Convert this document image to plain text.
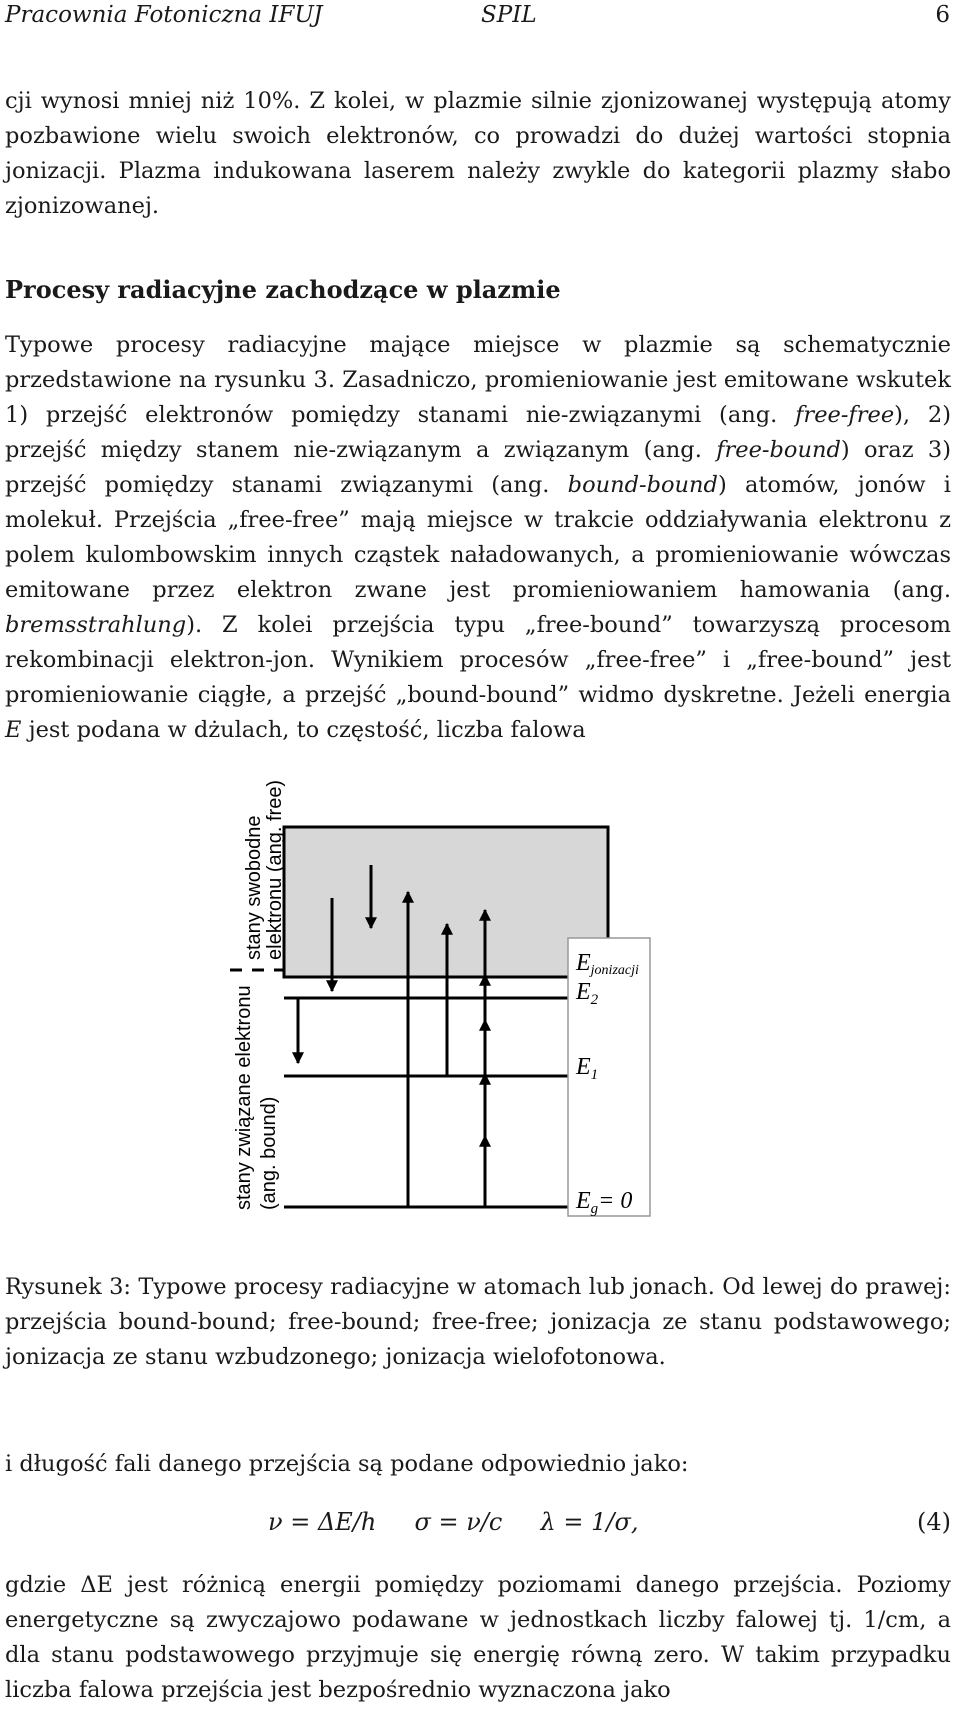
Pracownia Fotoniczna IFUJ	SPIL	6

cji wynosi mniej niż 10%. Z kolei, w plazmie silnie zjonizowanej występują atomy pozbawione wielu swoich elektronów, co prowadzi do dużej wartości stopnia jonizacji. Plazma indukowana laserem należy zwykle do kategorii plazmy słabo zjonizowanej.

Procesy radiacyjne zachodzące w plazmie

Typowe procesy radiacyjne mające miejsce w plazmie są schematycznie przedstawione na rysunku 3. Zasadniczo, promieniowanie jest emitowane wskutek 1) przejść elektronów pomiędzy stanami nie-związanymi (ang. free-free), 2) przejść między stanem nie-związanym a związanym (ang. free-bound) oraz 3) przejść pomiędzy stanami związanymi (ang. bound-bound) atomów, jonów i molekuł. Przejścia „free-free” mają miejsce w trakcie oddziaływania elektronu z polem kulombowskim innych cząstek naładowanych, a promieniowanie wówczas emitowane przez elektron zwane jest promieniowaniem hamowania (ang. bremsstrahlung). Z kolei przejścia typu „free-bound” towarzyszą procesom rekombinacji elektron-jon. Wynikiem procesów „free-free” i „free-bound” jest promieniowanie ciągłe, a przejść „bound-bound” widmo dyskretne. Jeżeli energia E jest podana w dżulach, to częstość, liczba falowa

stany swobodne elektronu (ang. free)
stany związane elektronu (ang. bound)
Ejonizacji
$E_2$
$E_1$
$E_g= 0$

Rysunek 3: Typowe procesy radiacyjne w atomach lub jonach. Od lewej do prawej: przejścia bound-bound; free-bound; free-free; jonizacja ze stanu podstawowego; jonizacja ze stanu wzbudzonego; jonizacja wielofotonowa.

i długość fali danego przejścia są podane odpowiednio jako:

ν = ΔE/h     σ = ν/c     λ = 1/σ,	(4)

gdzie ΔE jest różnicą energii pomiędzy poziomami danego przejścia. Poziomy energetyczne są zwyczajowo podawane w jednostkach liczby falowej tj. 1/cm, a dla stanu podstawowego przyjmuje się energię równą zero. W takim przypadku liczba falowa przejścia jest bezpośrednio wyznaczona jako
